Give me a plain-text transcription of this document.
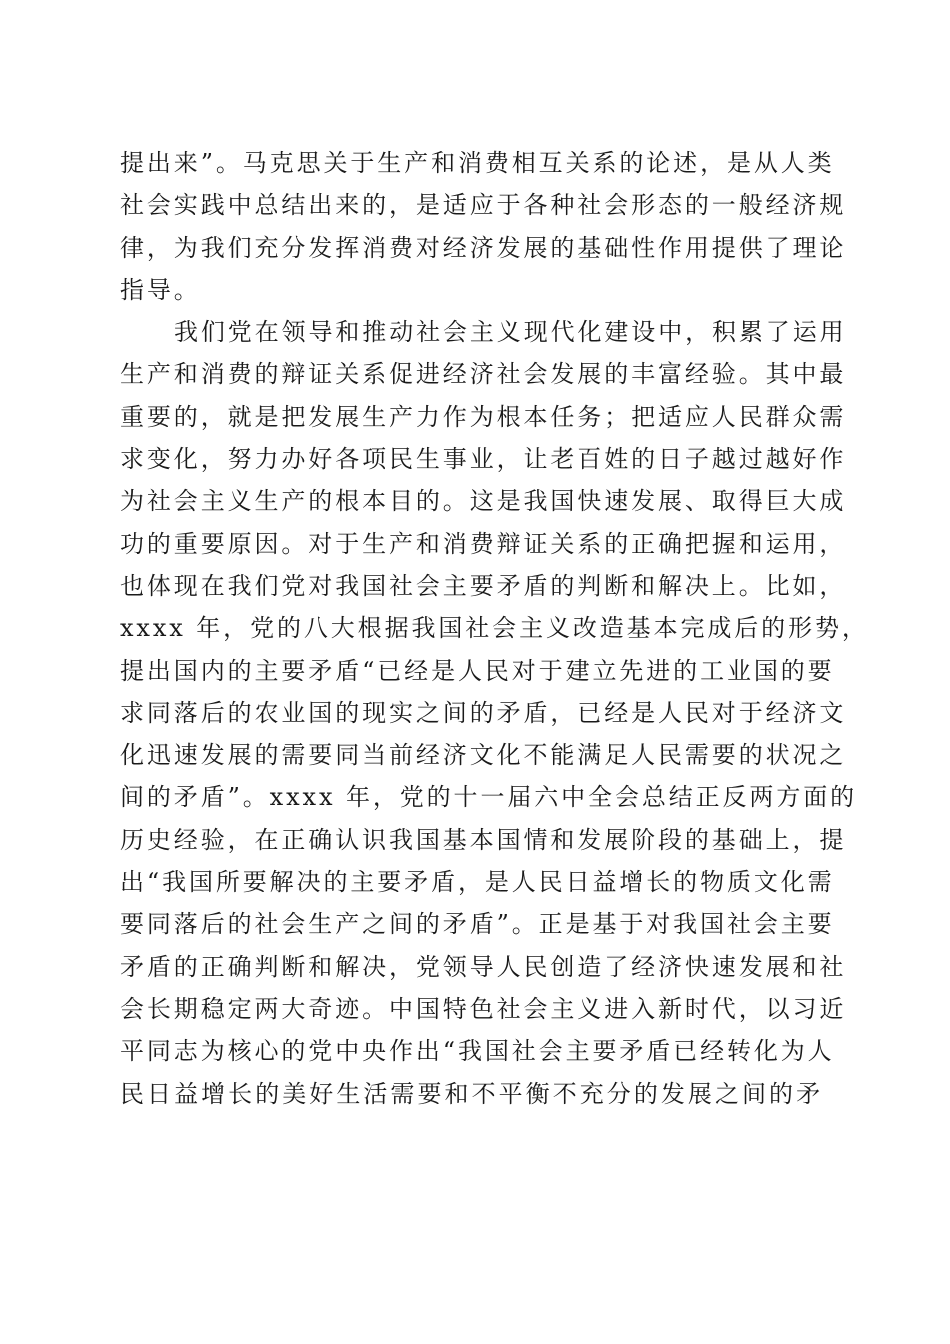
提出来”。马克思关于生产和消费相互关系的论述，是从人类
社会实践中总结出来的，是适应于各种社会形态的一般经济规
律，为我们充分发挥消费对经济发展的基础性作用提供了理论
指导。
我们党在领导和推动社会主义现代化建设中，积累了运用
生产和消费的辩证关系促进经济社会发展的丰富经验。其中最
重要的，就是把发展生产力作为根本任务；把适应人民群众需
求变化，努力办好各项民生事业，让老百姓的日子越过越好作
为社会主义生产的根本目的。这是我国快速发展、取得巨大成
功的重要原因。对于生产和消费辩证关系的正确把握和运用，
也体现在我们党对我国社会主要矛盾的判断和解决上。比如，
xxxx 年，党的八大根据我国社会主义改造基本完成后的形势，
提出国内的主要矛盾“已经是人民对于建立先进的工业国的要
求同落后的农业国的现实之间的矛盾，已经是人民对于经济文
化迅速发展的需要同当前经济文化不能满足人民需要的状况之
间的矛盾”。xxxx 年，党的十一届六中全会总结正反两方面的
历史经验，在正确认识我国基本国情和发展阶段的基础上，提
出“我国所要解决的主要矛盾，是人民日益增长的物质文化需
要同落后的社会生产之间的矛盾”。正是基于对我国社会主要
矛盾的正确判断和解决，党领导人民创造了经济快速发展和社
会长期稳定两大奇迹。中国特色社会主义进入新时代，以习近
平同志为核心的党中央作出“我国社会主要矛盾已经转化为人
民日益增长的美好生活需要和不平衡不充分的发展之间的矛
